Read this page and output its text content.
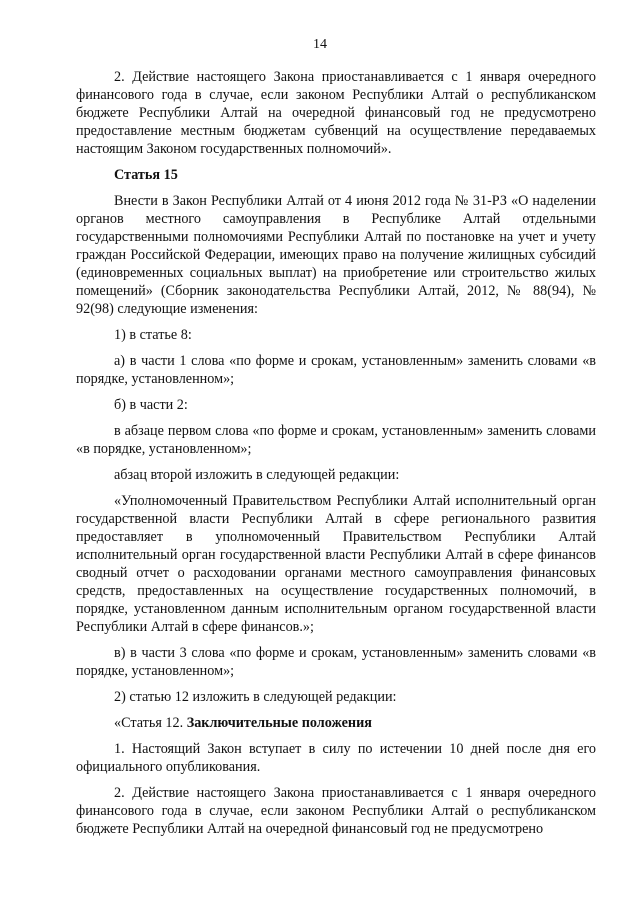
14

2. Действие настоящего Закона приостанавливается с 1 января очередного финансового года в случае, если законом Республики Алтай о республиканском бюджете Республики Алтай на очередной финансовый год не предусмотрено предоставление местным бюджетам субвенций на осуществление передаваемых настоящим Законом государственных полномочий».

Статья 15

Внести в Закон Республики Алтай от 4 июня 2012 года № 31-РЗ «О наделении органов местного самоуправления в Республике Алтай отдельными государственными полномочиями Республики Алтай по постановке на учет и учету граждан Российской Федерации, имеющих право на получение жилищных субсидий (единовременных социальных выплат) на приобретение или строительство жилых помещений» (Сборник законодательства Республики Алтай, 2012, № 88(94), № 92(98) следующие изменения:

1) в статье 8:

а) в части 1 слова «по форме и срокам, установленным» заменить словами «в порядке, установленном»;

б) в части 2:

в абзаце первом слова «по форме и срокам, установленным» заменить словами «в порядке, установленном»;

абзац второй изложить в следующей редакции:

«Уполномоченный Правительством Республики Алтай исполнительный орган государственной власти Республики Алтай в сфере регионального развития предоставляет в уполномоченный Правительством Республики Алтай исполнительный орган государственной власти Республики Алтай в сфере финансов сводный отчет о расходовании органами местного самоуправления финансовых средств, предоставленных на осуществление государственных полномочий, в порядке, установленном данным исполнительным органом государственной власти Республики Алтай в сфере финансов.»;

в) в части 3 слова «по форме и срокам, установленным» заменить словами «в порядке, установленном»;

2) статью 12 изложить в следующей редакции:

«Статья 12. Заключительные положения

1. Настоящий Закон вступает в силу по истечении 10 дней после дня его официального опубликования.

2. Действие настоящего Закона приостанавливается с 1 января очередного финансового года в случае, если законом Республики Алтай о республиканском бюджете Республики Алтай на очередной финансовый год не предусмотрено
